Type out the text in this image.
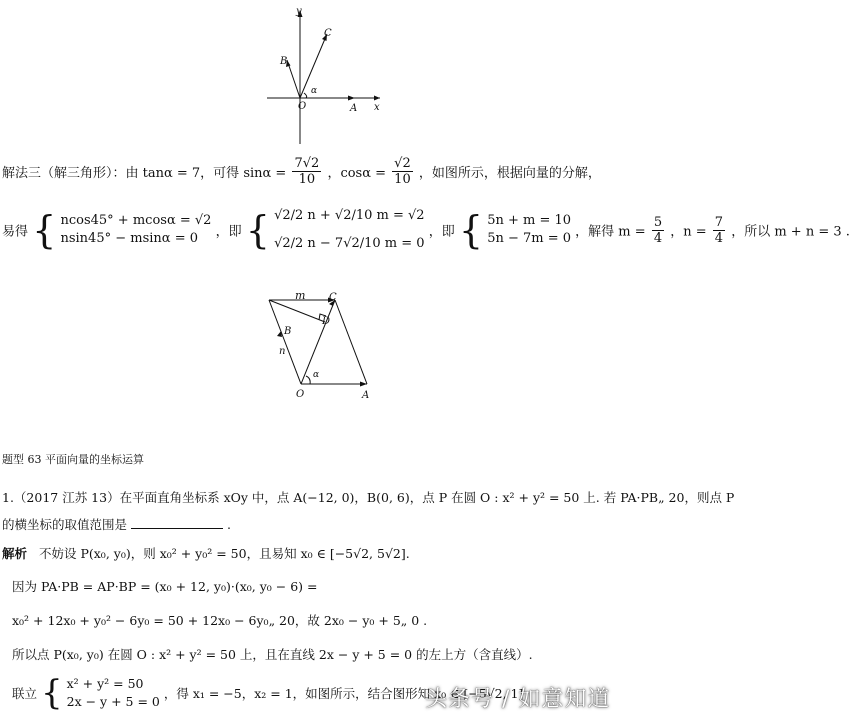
y
x
O	A
B
C
α
解法三（解三角形）：由 tanα = 7，可得 $\sin\alpha = \frac{7√2}{10}$ ，$\cos\alpha = \frac{√2}{10}$ ，如图所示，根据向量的分解，
易得 { ncos45° + mcosα = √2
nsin45° − msinα = 0	，即 { √2/2 n + √2/10 m = √2
√2/2 n − 7√2/10 m = 0
，即 { 5n + m = 10
5n − 7m = 0 ，解得 $m = \frac{5}{4}$ ，$n = \frac{7}{4}$ ，所以 m + n = 3 .
m C
D
B
n
α
O	A
题型 63 平面向量的坐标运算
1.（2017 江苏 13）在平面直角坐标系 xOy 中，点 A(−12, 0)，B(0, 6)，点 P 在圆 O : x² + y² = 50 上. 若 PA·PB„ 20，则点 P
的横坐标的取值范围是	.
解析 不妨设 P(x₀, y₀)，则 x₀² + y₀² = 50，且易知 x₀ ∈ [−5√2, 5√2].
因为 PA·PB = AP·BP = (x₀ + 12, y₀)·(x₀, y₀ − 6) =
x₀² + 12x₀ + y₀² − 6y₀ = 50 + 12x₀ − 6y₀„ 20，故 2x₀ − y₀ + 5„ 0 .
所以点 P(x₀, y₀) 在圆 O : x² + y² = 50 上，且在直线 2x − y + 5 = 0 的左上方（含直线）.
联立 { x² + y² = 50
2x − y + 5 = 0
，得 x₁ = −5，x₂ = 1，如图所示，结合图形知 x₀ ∈ [−5√2, 1]
头条号 / 如意知道
